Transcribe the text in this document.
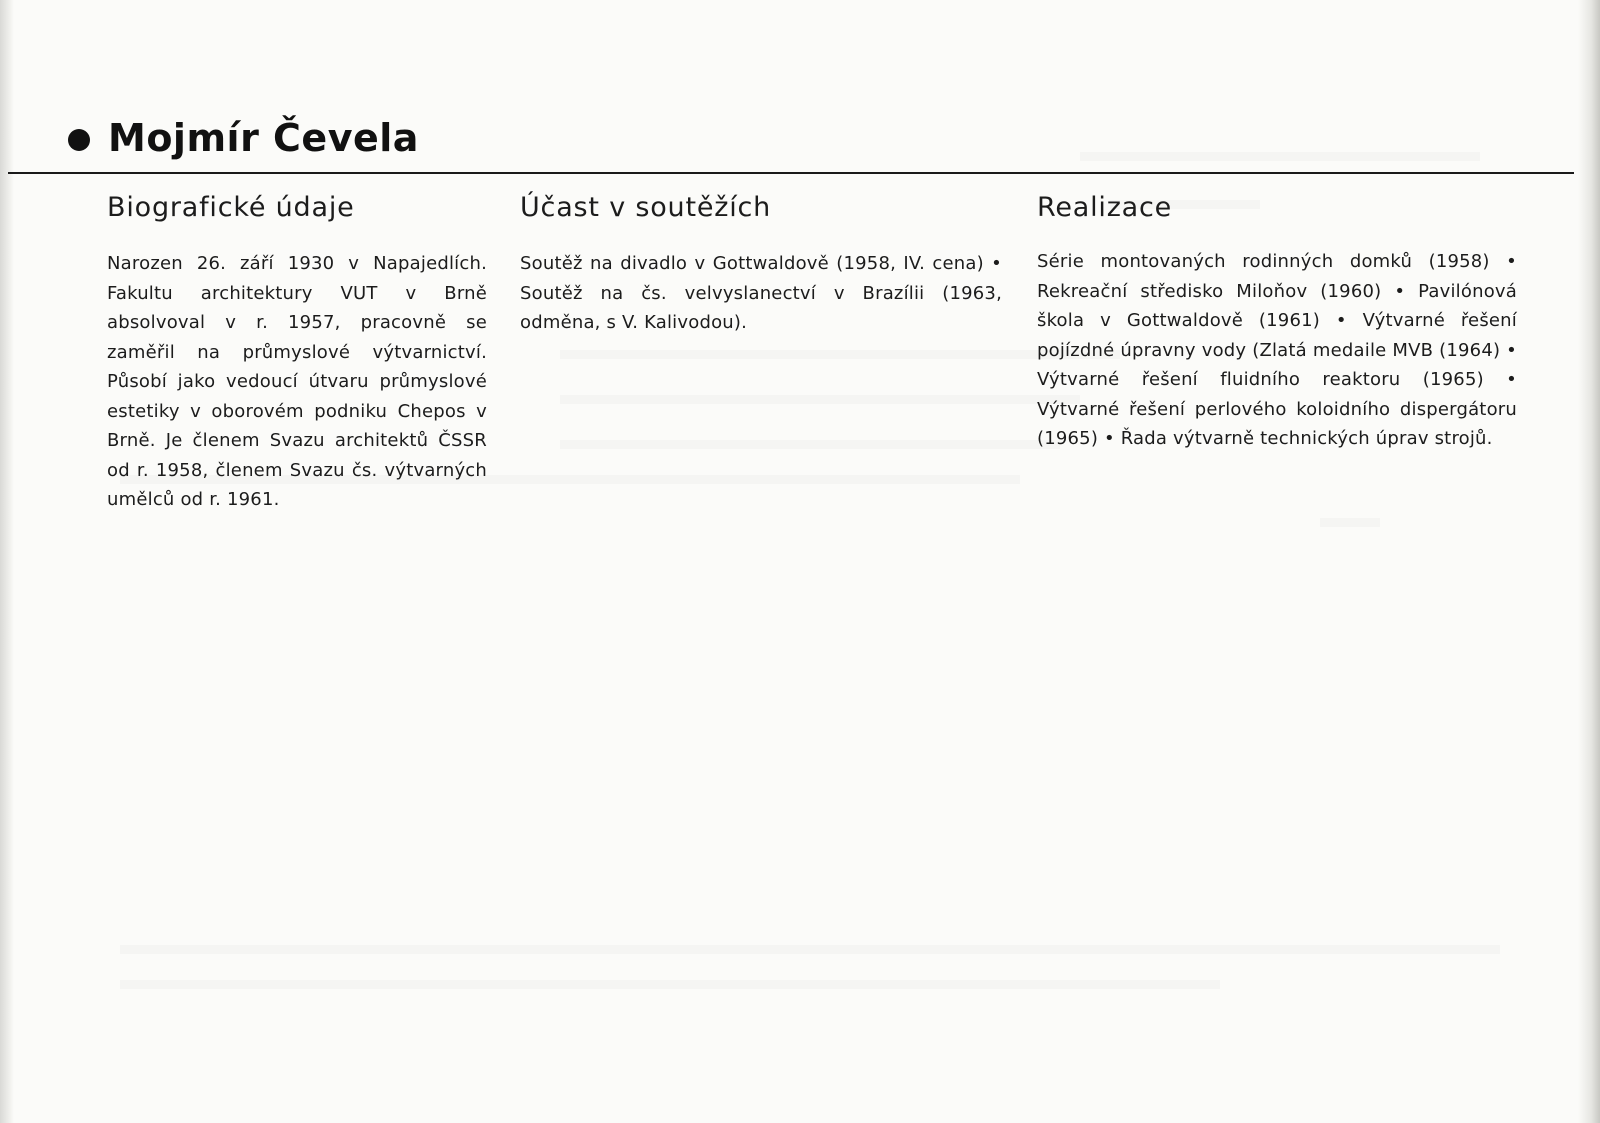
Mojmír Čevela
Biografické údaje

Narozen 26. září 1930 v Napajedlích. Fakultu architektury VUT v Brně absolvoval v r. 1957, pracovně se zaměřil na průmyslové výtvarnictví. Působí jako vedoucí útvaru průmyslové estetiky v oborovém podniku Chepos v Brně. Je členem Svazu architektů ČSSR od r. 1958, členem Svazu čs. výtvarných umělců od r. 1961.

Účast v soutěžích

Soutěž na divadlo v Gottwaldově (1958, IV. cena) • Soutěž na čs. velvyslanectví v Brazílii (1963, odměna, s V. Kalivodou).

Realizace

Série montovaných rodinných domků (1958) • Rekreační středisko Miloňov (1960) • Pavilónová škola v Gottwaldově (1961) • Výtvarné řešení pojízdné úpravny vody (Zlatá medaile MVB (1964) • Výtvarné řešení fluidního reaktoru (1965) • Výtvarné řešení perlového koloidního dispergátoru (1965) • Řada výtvarně technických úprav strojů.
